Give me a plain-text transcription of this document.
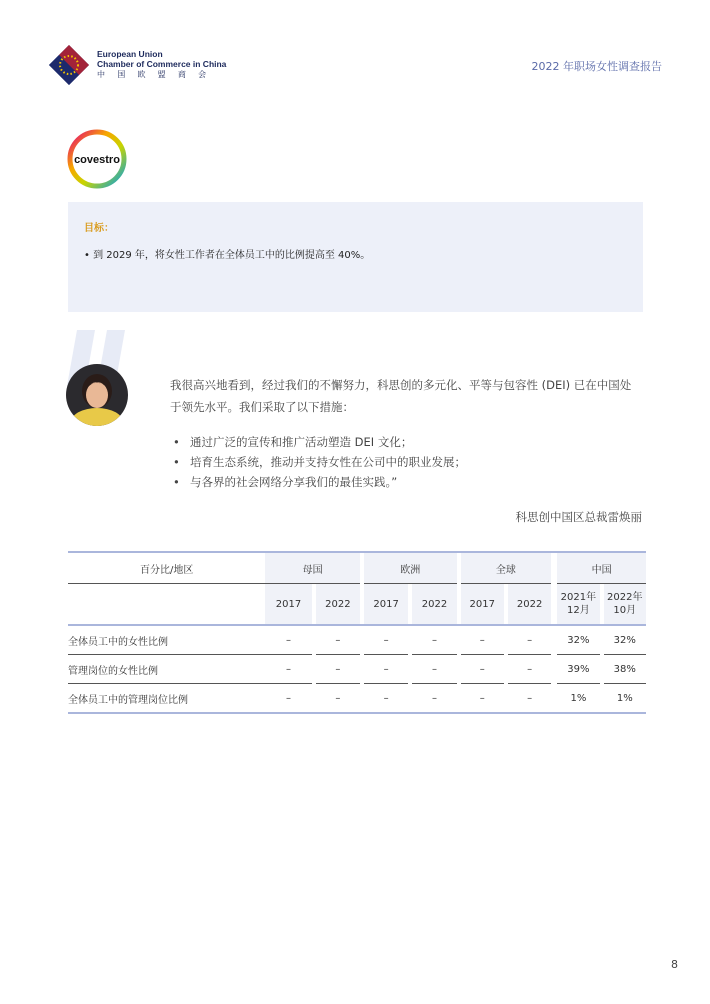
European Union
Chamber of Commerce in China
中 国 欧 盟 商 会
2022 年职场女性调查报告
covestro
目标：
• 到 2029 年，将女性工作者在全体员工中的比例提高至 40%。
我很高兴地看到，经过我们的不懈努力，科思创的多元化、平等与包容性 (DEI) 已在中国处于领先水平。我们采取了以下措施：
• 通过广泛的宣传和推广活动塑造 DEI 文化；
• 培育生态系统，推动并支持女性在公司中的职业发展；
• 与各界的社会网络分享我们的最佳实践。”
科思创中国区总裁雷焕丽
百分比/地区	母国				欧洲				全球				中国		
	2017		2022		2017		2022		2017		2022		2021年
12月		2022年
10月
全体员工中的女性比例	–		–		–		–		–		–		32%		32%
管理岗位的女性比例	–		–		–		–		–		–		39%		38%
全体员工中的管理岗位比例	–		–		–		–		–		–		1%		1%
8
